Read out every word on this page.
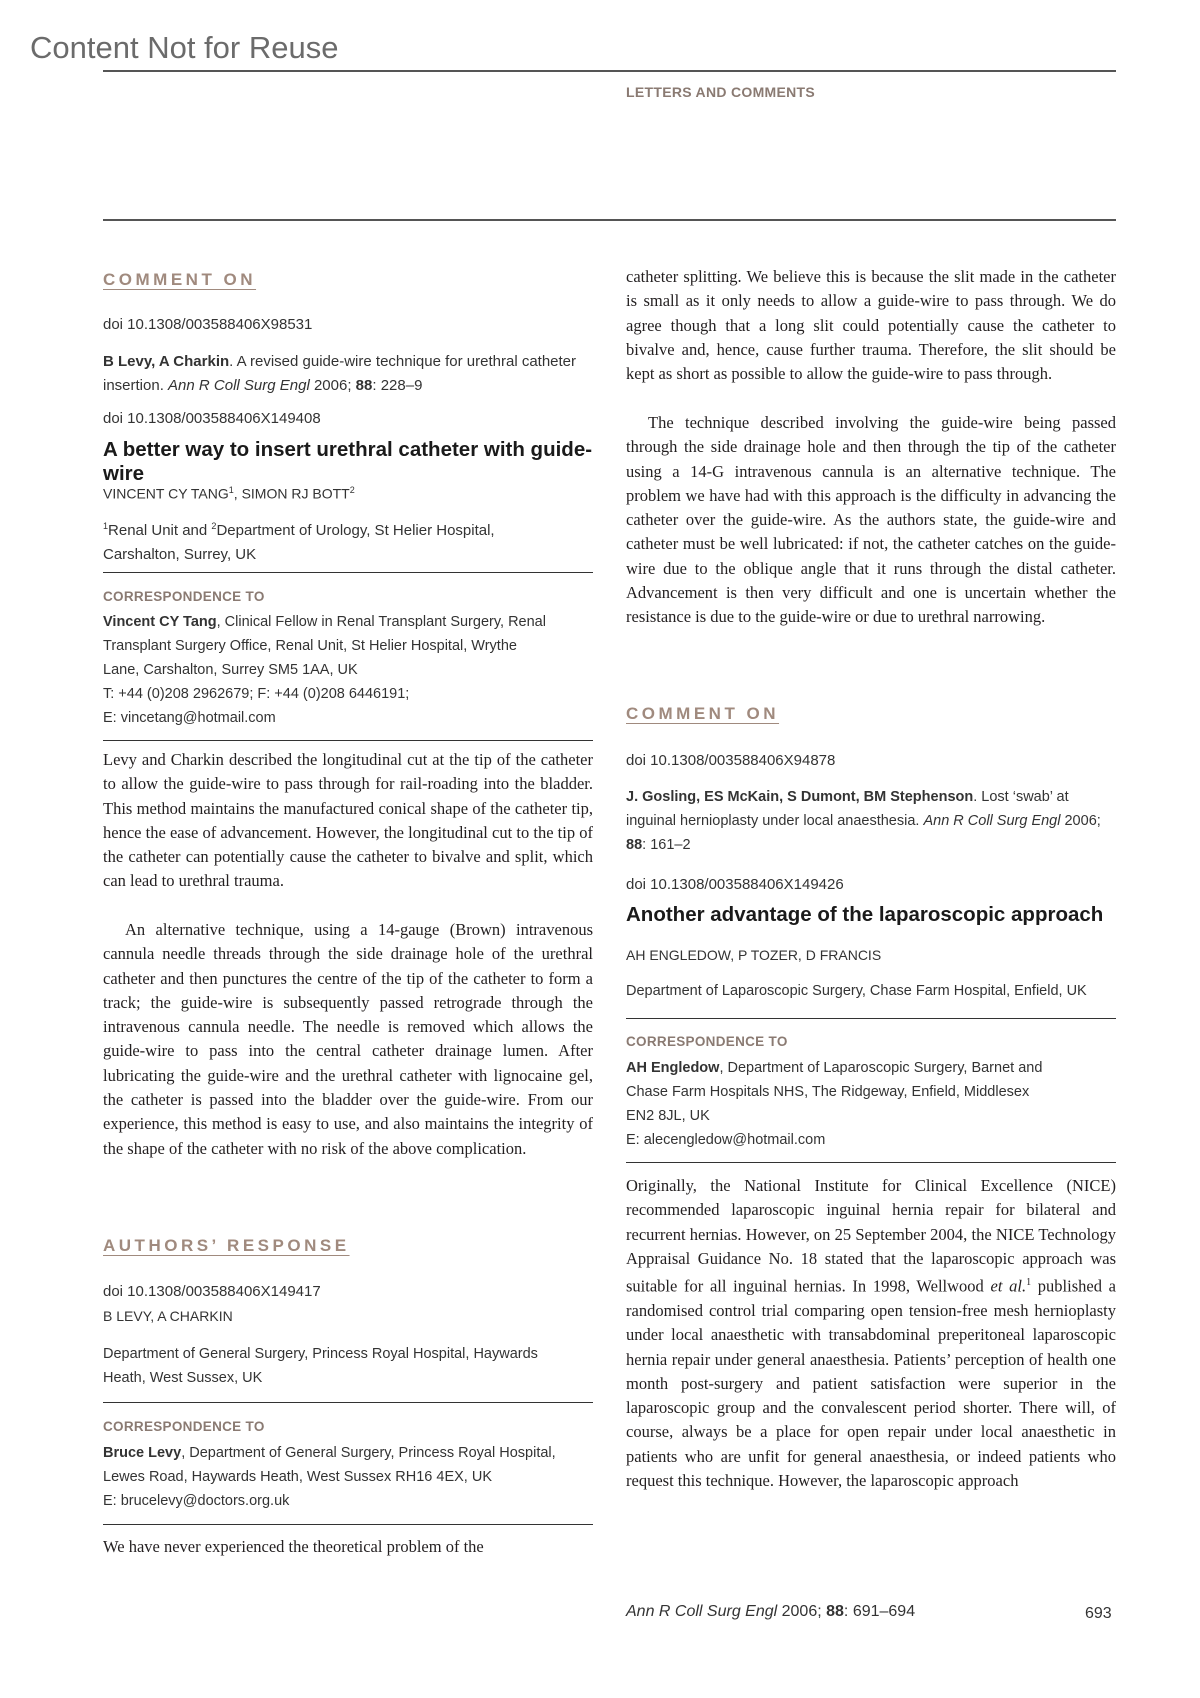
Content Not for Reuse
LETTERS AND COMMENTS
COMMENT ON
doi 10.1308/003588406X98531
B Levy, A Charkin. A revised guide-wire technique for urethral catheter insertion. Ann R Coll Surg Engl 2006; 88: 228–9
doi 10.1308/003588406X149408
A better way to insert urethral catheter with guide-wire
VINCENT CY TANG$^1$, SIMON RJ BOTT$^2$
$^1$Renal Unit and $^2$Department of Urology, St Helier Hospital,
Carshalton, Surrey, UK
CORRESPONDENCE TO
Vincent CY Tang, Clinical Fellow in Renal Transplant Surgery, Renal
Transplant Surgery Office, Renal Unit, St Helier Hospital, Wrythe
Lane, Carshalton, Surrey SM5 1AA, UK
T: +44 (0)208 2962679; F: +44 (0)208 6446191;
E: vincetang@hotmail.com
Levy and Charkin described the longitudinal cut at the tip of the catheter to allow the guide-wire to pass through for rail-roading into the bladder. This method maintains the manufactured conical shape of the catheter tip, hence the ease of advancement. However, the longitudinal cut to the tip of the catheter can potentially cause the catheter to bivalve and split, which can lead to urethral trauma.
An alternative technique, using a 14-gauge (Brown) intravenous cannula needle threads through the side drainage hole of the urethral catheter and then punctures the centre of the tip of the catheter to form a track; the guide-wire is subsequently passed retrograde through the intravenous cannula needle. The needle is removed which allows the guide-wire to pass into the central catheter drainage lumen. After lubricating the guide-wire and the urethral catheter with lignocaine gel, the catheter is passed into the bladder over the guide-wire. From our experience, this method is easy to use, and also maintains the integrity of the shape of the catheter with no risk of the above complication.
AUTHORS’ RESPONSE
doi 10.1308/003588406X149417
B LEVY, A CHARKIN
Department of General Surgery, Princess Royal Hospital, Haywards
Heath, West Sussex, UK
CORRESPONDENCE TO
Bruce Levy, Department of General Surgery, Princess Royal Hospital,
Lewes Road, Haywards Heath, West Sussex RH16 4EX, UK
E: brucelevy@doctors.org.uk
We have never experienced the theoretical problem of the
catheter splitting. We believe this is because the slit made in the catheter is small as it only needs to allow a guide-wire to pass through. We do agree though that a long slit could potentially cause the catheter to bivalve and, hence, cause further trauma. Therefore, the slit should be kept as short as possible to allow the guide-wire to pass through.
The technique described involving the guide-wire being passed through the side drainage hole and then through the tip of the catheter using a 14-G intravenous cannula is an alternative technique. The problem we have had with this approach is the difficulty in advancing the catheter over the guide-wire. As the authors state, the guide-wire and catheter must be well lubricated: if not, the catheter catches on the guide-wire due to the oblique angle that it runs through the distal catheter. Advancement is then very difficult and one is uncertain whether the resistance is due to the guide-wire or due to urethral narrowing.
COMMENT ON
doi 10.1308/003588406X94878
J. Gosling, ES McKain, S Dumont, BM Stephenson. Lost ‘swab’ at inguinal hernioplasty under local anaesthesia. Ann R Coll Surg Engl 2006; 88: 161–2
doi 10.1308/003588406X149426
Another advantage of the laparoscopic approach
AH ENGLEDOW, P TOZER, D FRANCIS
Department of Laparoscopic Surgery, Chase Farm Hospital, Enfield, UK
CORRESPONDENCE TO
AH Engledow, Department of Laparoscopic Surgery, Barnet and
Chase Farm Hospitals NHS, The Ridgeway, Enfield, Middlesex
EN2 8JL, UK
E: alecengledow@hotmail.com
Originally, the National Institute for Clinical Excellence (NICE) recommended laparoscopic inguinal hernia repair for bilateral and recurrent hernias. However, on 25 September 2004, the NICE Technology Appraisal Guidance No. 18 stated that the laparoscopic approach was suitable for all inguinal hernias. In 1998, Wellwood et al.$^1$ published a randomised control trial comparing open tension-free mesh hernioplasty under local anaesthetic with transabdominal preperitoneal laparoscopic hernia repair under general anaesthesia. Patients’ perception of health one month post-surgery and patient satisfaction were superior in the laparoscopic group and the convalescent period shorter. There will, of course, always be a place for open repair under local anaesthetic in patients who are unfit for general anaesthesia, or indeed patients who request this technique. However, the laparoscopic approach
Ann R Coll Surg Engl 2006; 88: 691–694	693
